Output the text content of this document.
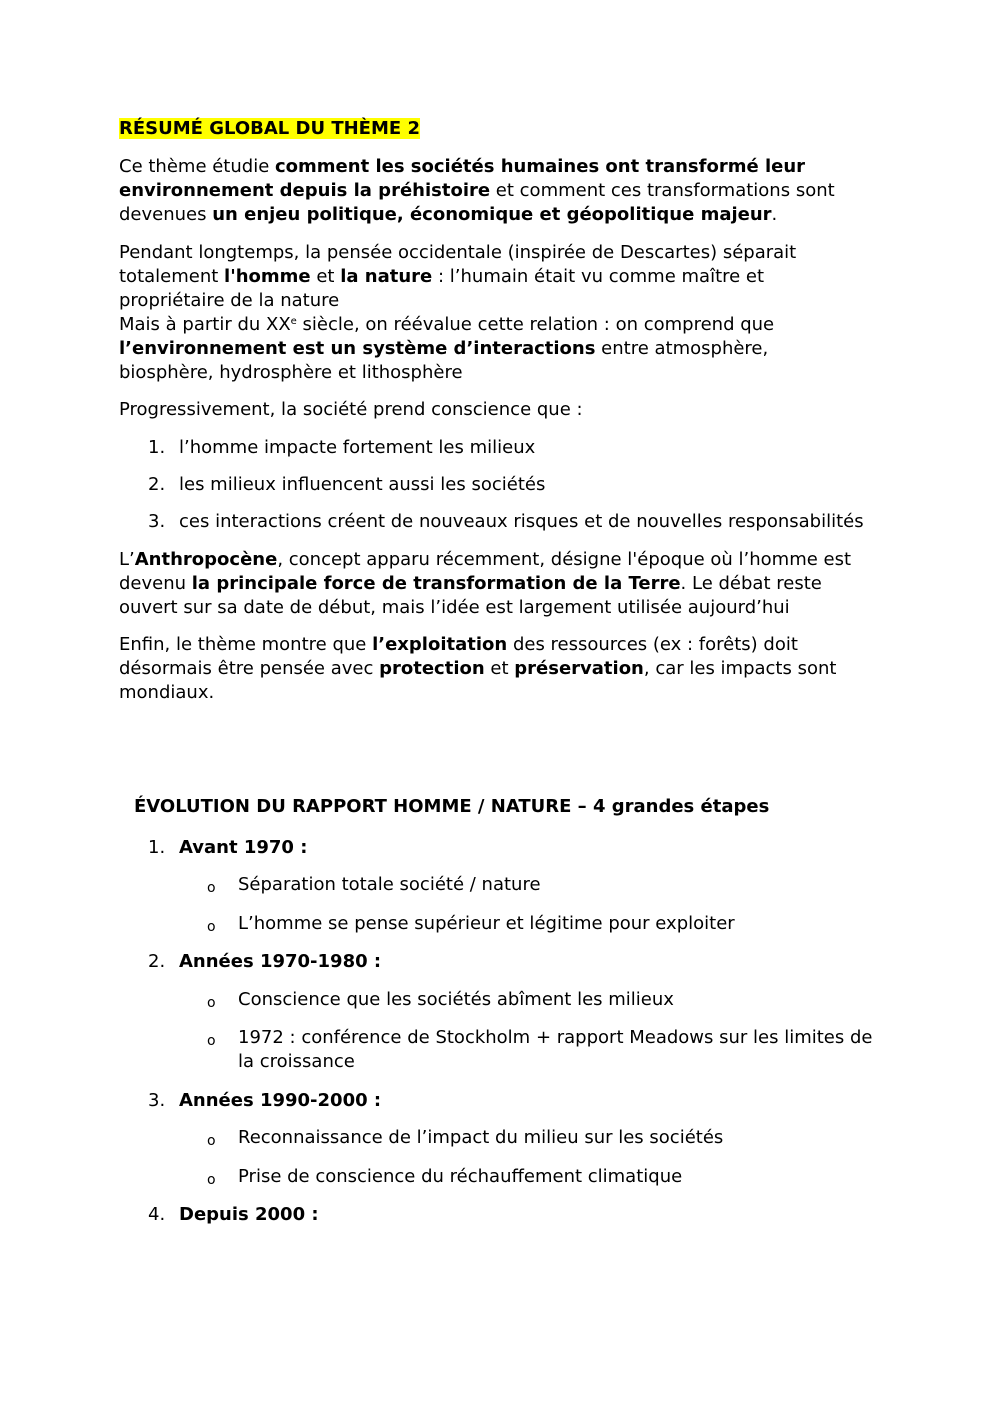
RÉSUMÉ GLOBAL DU THÈME 2

Ce thème étudie comment les sociétés humaines ont transformé leur environnement depuis la préhistoire et comment ces transformations sont devenues un enjeu politique, économique et géopolitique majeur.

Pendant longtemps, la pensée occidentale (inspirée de Descartes) séparait totalement l'homme et la nature : l’humain était vu comme maître et propriétaire de la nature
Mais à partir du XXe siècle, on réévalue cette relation : on comprend que l’environnement est un système d’interactions entre atmosphère, biosphère, hydrosphère et lithosphère

Progressivement, la société prend conscience que :

1. l’homme impacte fortement les milieux
2. les milieux influencent aussi les sociétés
3. ces interactions créent de nouveaux risques et de nouvelles responsabilités

L’Anthropocène, concept apparu récemment, désigne l'époque où l’homme est devenu la principale force de transformation de la Terre. Le débat reste ouvert sur sa date de début, mais l’idée est largement utilisée aujourd’hui

Enfin, le thème montre que l’exploitation des ressources (ex : forêts) doit désormais être pensée avec protection et préservation, car les impacts sont mondiaux.

ÉVOLUTION DU RAPPORT HOMME / NATURE – 4 grandes étapes
1. Avant 1970 :
o Séparation totale société / nature
o L’homme se pense supérieur et légitime pour exploiter
2. Années 1970-1980 :
o Conscience que les sociétés abîment les milieux
o 1972 : conférence de Stockholm + rapport Meadows sur les limites de la croissance
3. Années 1990-2000 :
o Reconnaissance de l’impact du milieu sur les sociétés
o Prise de conscience du réchauffement climatique
4. Depuis 2000 :
